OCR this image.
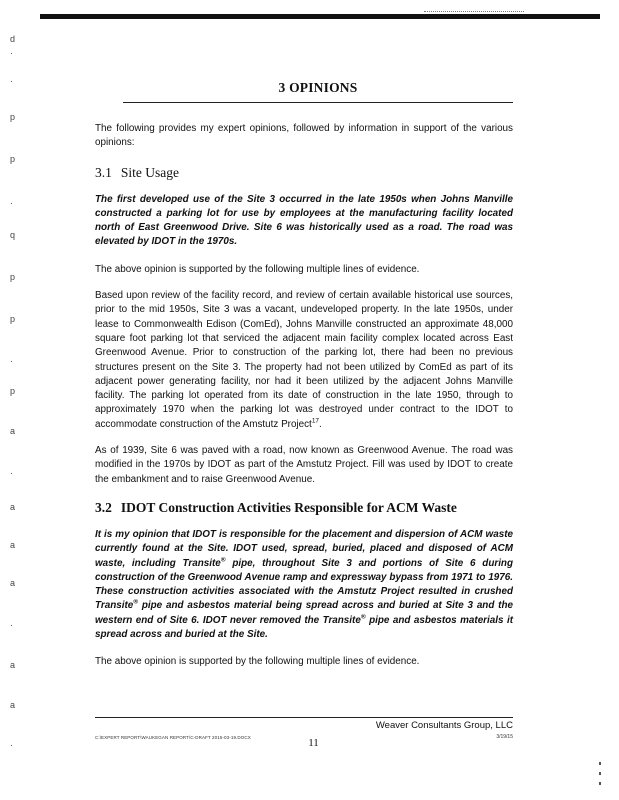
d
·
·
p
p
·
q
p
p
·
p
a
·
a
a
a
·
a
a
·
3 OPINIONS

The following provides my expert opinions, followed by information in support of the various opinions:

3.1 Site Usage

The first developed use of the Site 3 occurred in the late 1950s when Johns Manville constructed a parking lot for use by employees at the manufacturing facility located north of East Greenwood Drive. Site 6 was historically used as a road. The road was elevated by IDOT in the 1970s.

The above opinion is supported by the following multiple lines of evidence.

Based upon review of the facility record, and review of certain available historical use sources, prior to the mid 1950s, Site 3 was a vacant, undeveloped property. In the late 1950s, under lease to Commonwealth Edison (ComEd), Johns Manville constructed an approximate 48,000 square foot parking lot that serviced the adjacent main facility complex located across East Greenwood Avenue. Prior to construction of the parking lot, there had been no previous structures present on the Site 3. The property had not been utilized by ComEd as part of its adjacent power generating facility, nor had it been utilized by the adjacent Johns Manville facility. The parking lot operated from its date of construction in the late 1950, through to approximately 1970 when the parking lot was destroyed under contract to the IDOT to accommodate construction of the Amstutz Project$^{17}$.

As of 1939, Site 6 was paved with a road, now known as Greenwood Avenue. The road was modified in the 1970s by IDOT as part of the Amstutz Project. Fill was used by IDOT to create the embankment and to raise Greenwood Avenue.

3.2 IDOT Construction Activities Responsible for ACM Waste

It is my opinion that IDOT is responsible for the placement and dispersion of ACM waste currently found at the Site. IDOT used, spread, buried, placed and disposed of ACM waste, including Transite® pipe, throughout Site 3 and portions of Site 6 during construction of the Greenwood Avenue ramp and expressway bypass from 1971 to 1976. These construction activities associated with the Amstutz Project resulted in crushed Transite® pipe and asbestos material being spread across and buried at Site 3 and the western end of Site 6. IDOT never removed the Transite® pipe and asbestos materials it spread across and buried at the Site.

The above opinion is supported by the following multiple lines of evidence.

Weaver Consultants Group, LLC
C:\EXPERT REPORT\WAUKEGAN REPORT\C-DRAFT 2015-03-19.DOCX	3/19/15
11
